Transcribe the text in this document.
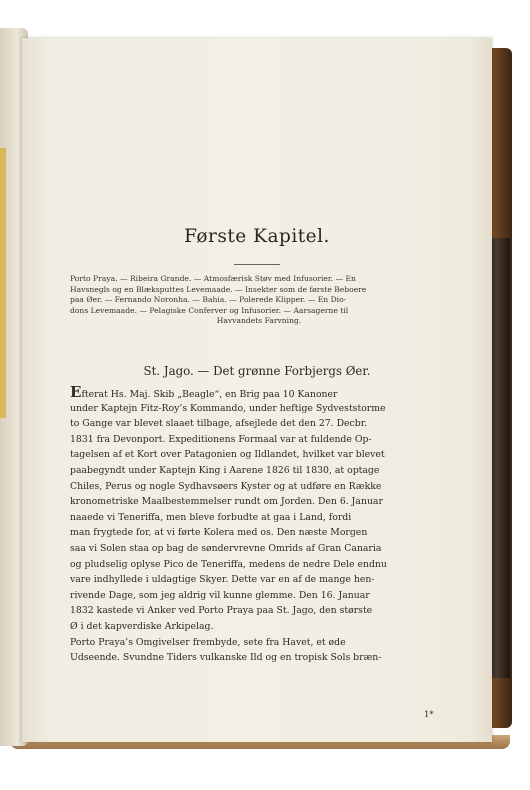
Første Kapitel.
Porto Praya. — Ribeira Grande. — Atmosfærisk Støv med Infusorier. — En
Havsnegls og en Blæksputtes Levemaade. — Insekter som de første Beboere
paa Øer. — Fernando Noronha. — Bahia. — Polerede Klipper. — En Dio-
dons Levemaade. — Pelagiske Conferver og Infusorier. — Aarsagerne til
Havvandets Farvning.
St. Jago. — Det grønne Forbjergs Øer.
Efterat Hs. Maj. Skib „Beagle“, en Brig paa 10 Kanoner
under Kaptejn Fitz-Roy’s Kommando, under heftige Sydveststorme
to Gange var blevet slaaet tilbage, afsejlede det den 27. Decbr.
1831 fra Devonport. Expeditionens Formaal var at fuldende Op-
tagelsen af et Kort over Patagonien og Ildlandet, hvilket var blevet
paabegyndt under Kaptejn King i Aarene 1826 til 1830, at optage
Chiles, Perus og nogle Sydhavsøers Kyster og at udføre en Række
kronometriske Maalbestemmelser rundt om Jorden. Den 6. Januar
naaede vi Teneriffa, men bleve forbudte at gaa i Land, fordi
man frygtede for, at vi førte Kolera med os. Den næste Morgen
saa vi Solen staa op bag de søndervrevne Omrids af Gran Canaria
og pludselig oplyse Pico de Teneriffa, medens de nedre Dele endnu
vare indhyllede i uldagtige Skyer. Dette var en af de mange hen-
rivende Dage, som jeg aldrig vil kunne glemme. Den 16. Januar
1832 kastede vi Anker ved Porto Praya paa St. Jago, den største
Ø i det kapverdiske Arkipelag.
Porto Praya’s Omgivelser frembyde, sete fra Havet, et øde
Udseende. Svundne Tiders vulkanske Ild og en tropisk Sols bræn-
1*
